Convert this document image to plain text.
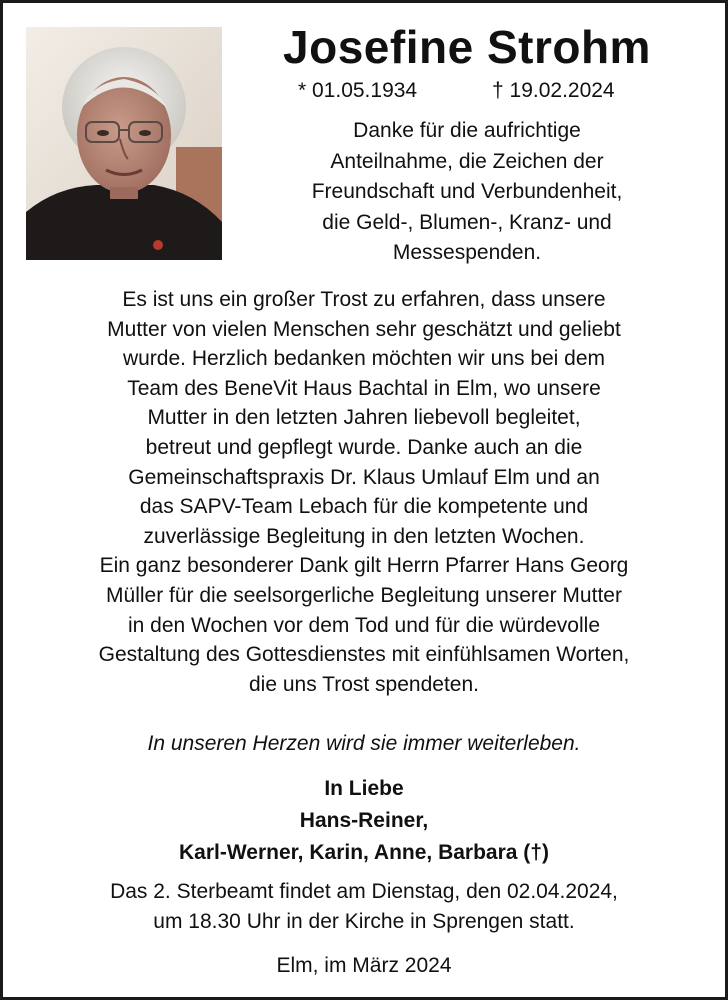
Josefine Strohm
* 01.05.1934	† 19.02.2024
Danke für die aufrichtige
Anteilnahme, die Zeichen der
Freundschaft und Verbundenheit,
die Geld-, Blumen-, Kranz- und
Messespenden.
Es ist uns ein großer Trost zu erfahren, dass unsere
Mutter von vielen Menschen sehr geschätzt und geliebt
wurde. Herzlich bedanken möchten wir uns bei dem
Team des BeneVit Haus Bachtal in Elm, wo unsere
Mutter in den letzten Jahren liebevoll begleitet,
betreut und gepflegt wurde. Danke auch an die
Gemeinschaftspraxis Dr. Klaus Umlauf Elm und an
das SAPV-Team Lebach für die kompetente und
zuverlässige Begleitung in den letzten Wochen.
Ein ganz besonderer Dank gilt Herrn Pfarrer Hans Georg
Müller für die seelsorgerliche Begleitung unserer Mutter
in den Wochen vor dem Tod und für die würdevolle
Gestaltung des Gottesdienstes mit einfühlsamen Worten,
die uns Trost spendeten.
In unseren Herzen wird sie immer weiterleben.
In Liebe
Hans-Reiner,
Karl-Werner, Karin, Anne, Barbara (†)
Das 2. Sterbeamt findet am Dienstag, den 02.04.2024,
um 18.30 Uhr in der Kirche in Sprengen statt.
Elm, im März 2024
